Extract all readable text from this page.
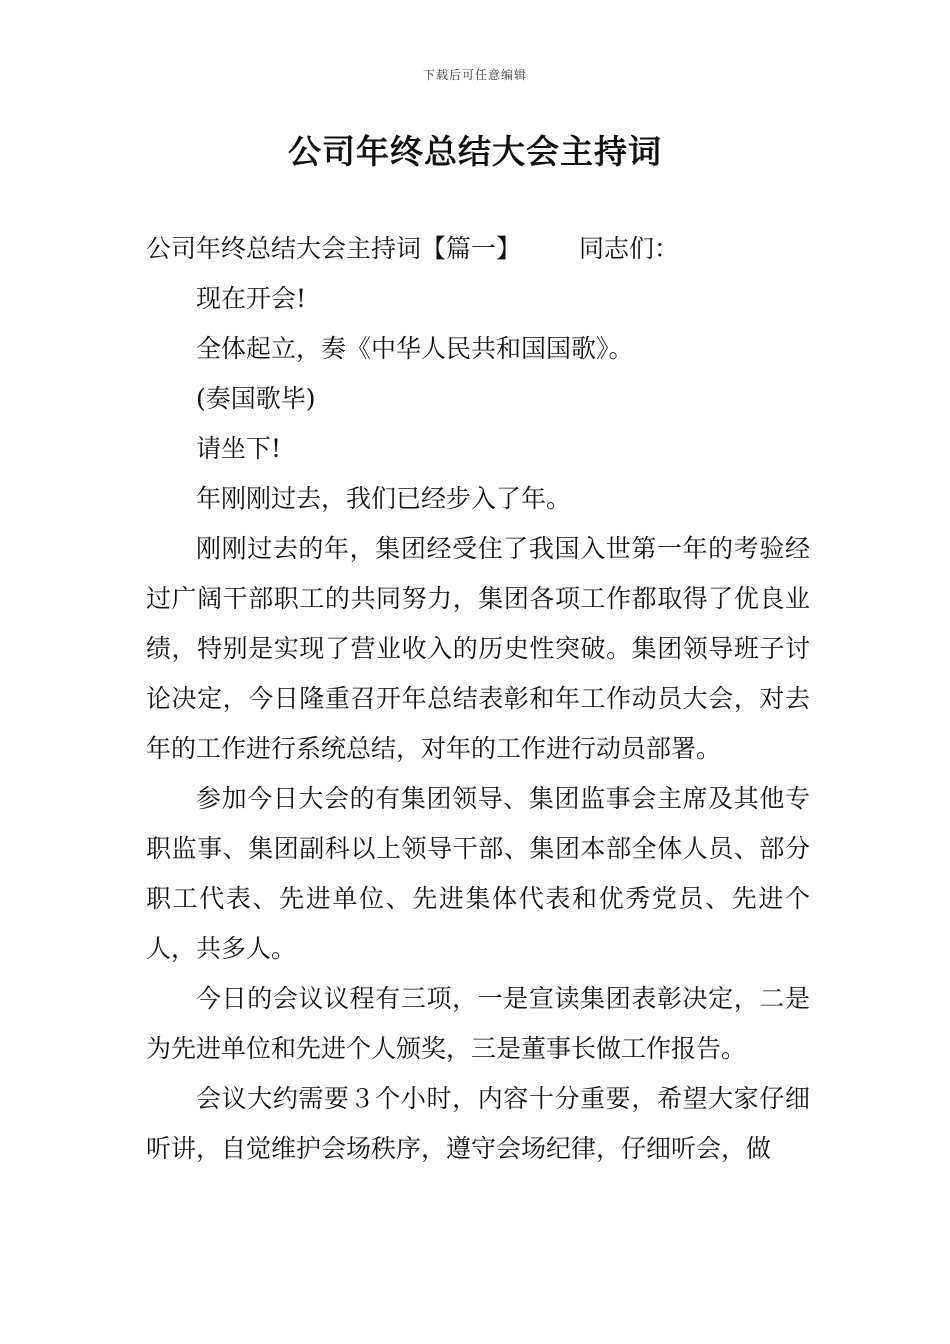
下载后可任意编辑
公司年终总结大会主持词

公司年终总结大会主持词【篇一】 同志们：

现在开会!

全体起立，奏《中华人民共和国国歌》。

(奏国歌毕)

请坐下!

年刚刚过去，我们已经步入了年。

刚刚过去的年，集团经受住了我国入世第一年的考验经过广阔干部职工的共同努力，集团各项工作都取得了优良业绩，特别是实现了营业收入的历史性突破。集团领导班子讨论决定，今日隆重召开年总结表彰和年工作动员大会，对去年的工作进行系统总结，对年的工作进行动员部署。

参加今日大会的有集团领导、集团监事会主席及其他专职监事、集团副科以上领导干部、集团本部全体人员、部分职工代表、先进单位、先进集体代表和优秀党员、先进个人，共多人。

今日的会议议程有三项，一是宣读集团表彰决定，二是为先进单位和先进个人颁奖，三是董事长做工作报告。

会议大约需要３个小时，内容十分重要，希望大家仔细听讲，自觉维护会场秩序，遵守会场纪律，仔细听会，做
